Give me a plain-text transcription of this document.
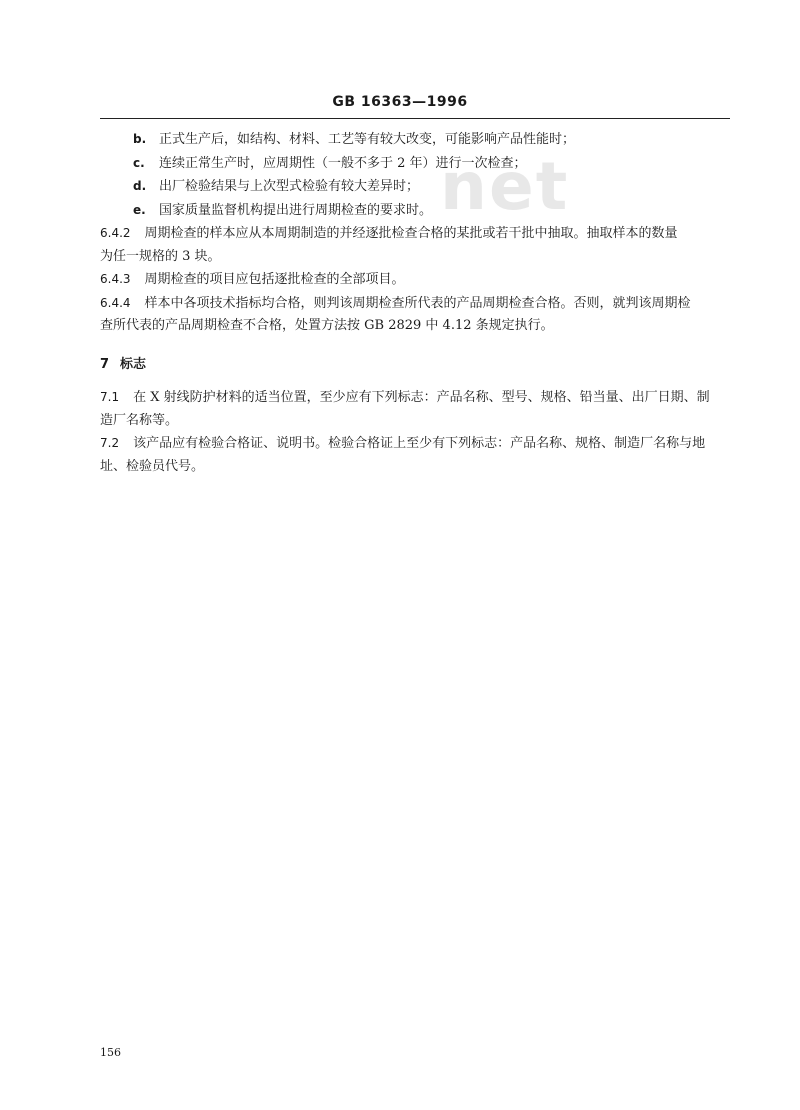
GB 16363—1996
net
b. 正式生产后，如结构、材料、工艺等有较大改变，可能影响产品性能时；
c. 连续正常生产时，应周期性（一般不多于 2 年）进行一次检查；
d. 出厂检验结果与上次型式检验有较大差异时；
e. 国家质量监督机构提出进行周期检查的要求时。
6.4.2 周期检查的样本应从本周期制造的并经逐批检查合格的某批或若干批中抽取。抽取样本的数量
为任一规格的 3 块。
6.4.3 周期检查的项目应包括逐批检查的全部项目。
6.4.4 样本中各项技术指标均合格，则判该周期检查所代表的产品周期检查合格。否则，就判该周期检
查所代表的产品周期检查不合格，处置方法按 GB 2829 中 4.12 条规定执行。
7 标志
7.1 在 X 射线防护材料的适当位置，至少应有下列标志：产品名称、型号、规格、铅当量、出厂日期、制
造厂名称等。
7.2 该产品应有检验合格证、说明书。检验合格证上至少有下列标志：产品名称、规格、制造厂名称与地
址、检验员代号。
156
